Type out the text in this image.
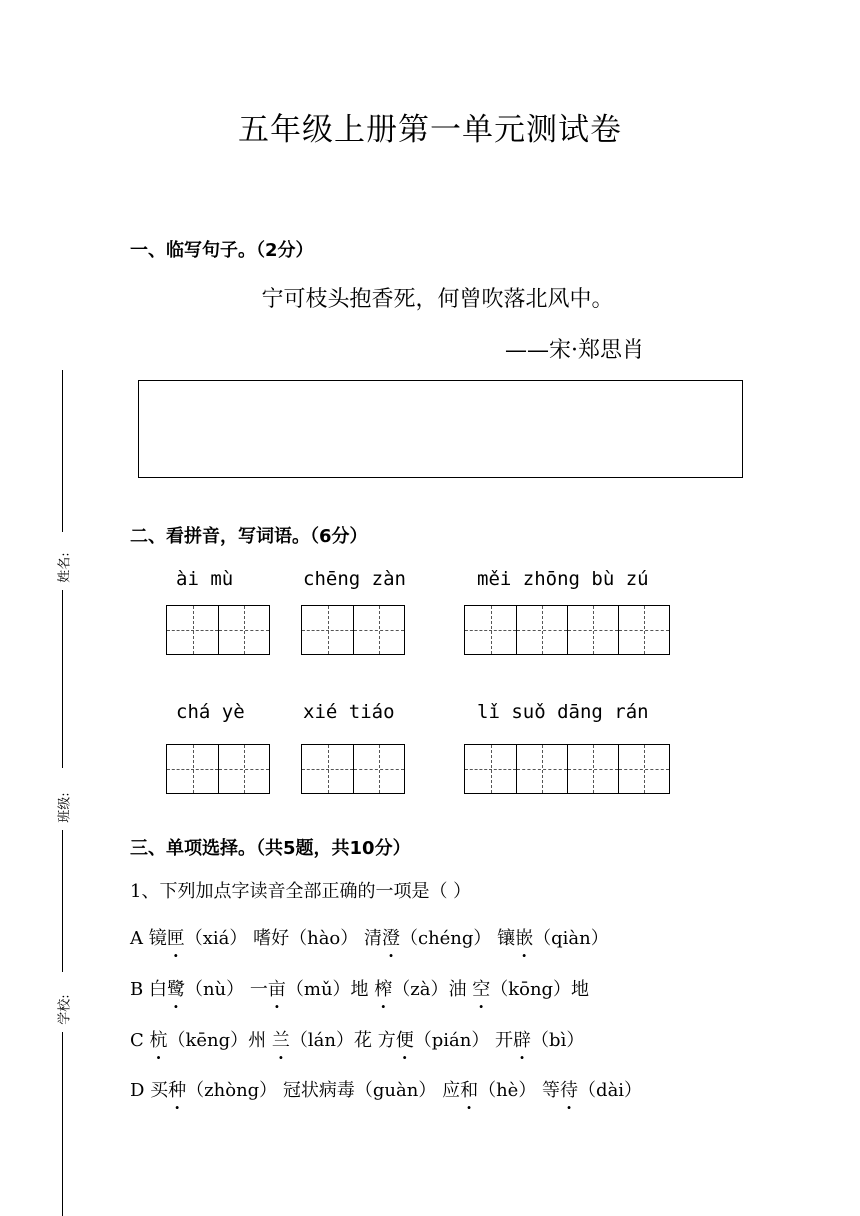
五年级上册第一单元测试卷
姓名:
班级:
学校:
一、临写句子。（2分）
宁可枝头抱香死，何曾吹落北风中。
——宋·郑思肖
二、看拼音，写词语。（6分）
ài mù	chēng zàn	měi zhōng bù zú
chá yè	xié tiáo	lǐ suǒ dāng rán
三、单项选择。（共5题，共10分）
1、下列加点字读音全部正确的一项是（ ）
A 镜匣（xiá） 嗜好（hào） 清澄（chéng） 镶嵌（qiàn）
B 白鹭（nù） 一亩（mǔ）地 榨（zà）油 空（kōng）地
C 杭（kēng）州 兰（lán）花 方便（pián） 开辟（bì）
D 买种（zhòng） 冠状病毒（guàn） 应和（hè） 等待（dài）
